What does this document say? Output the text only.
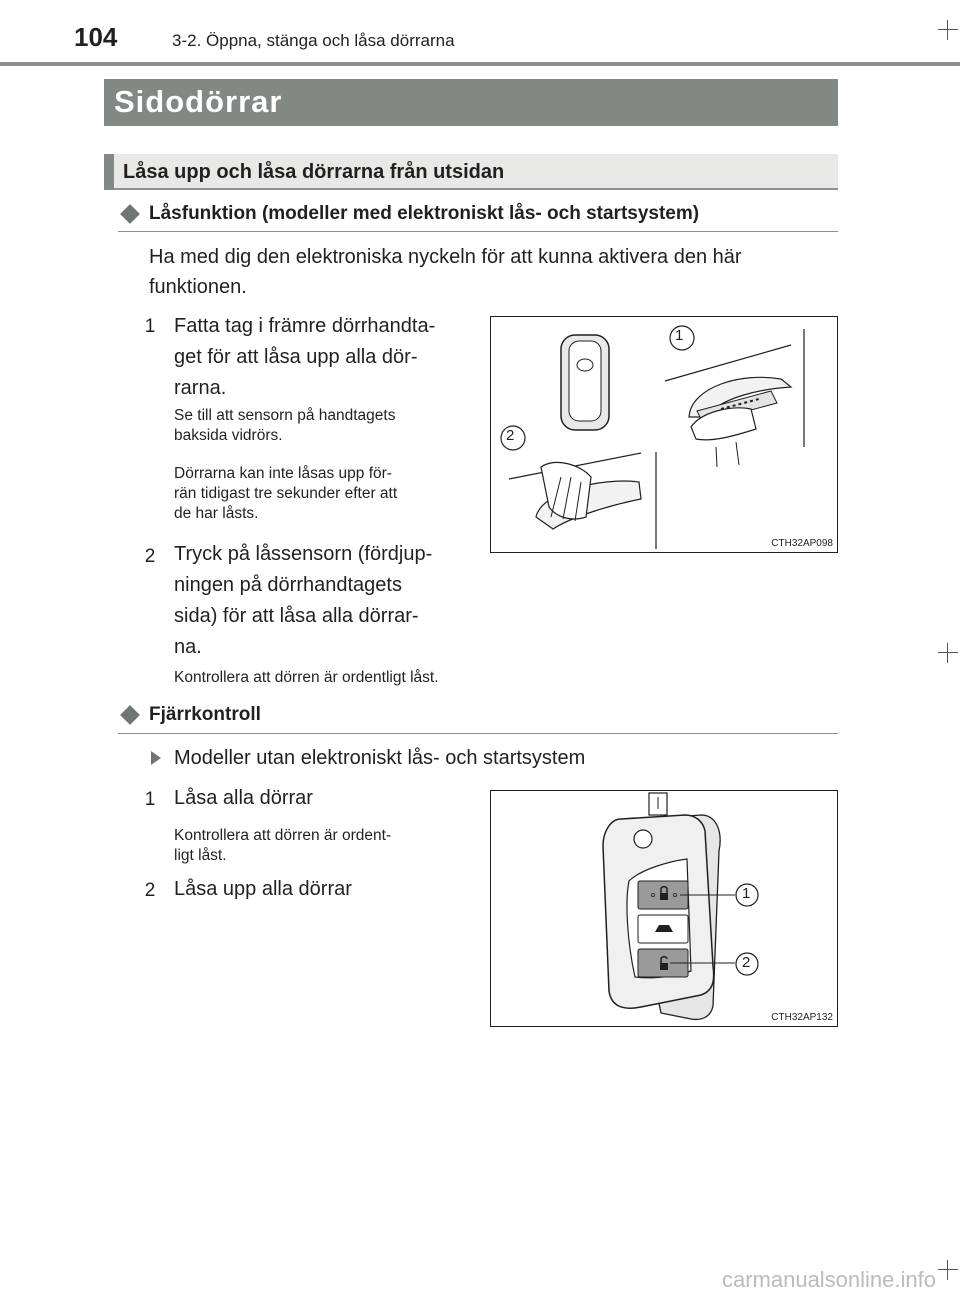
104	3-2. Öppna, stänga och låsa dörrarna
Sidodörrar
Låsa upp och låsa dörrarna från utsidan
Låsfunktion (modeller med elektroniskt lås- och startsystem)
Ha med dig den elektroniska nyckeln för att kunna aktivera den här
funktionen.
1 Fatta tag i främre dörrhandta-
get för att låsa upp alla dör-
rarna.
Se till att sensorn på handtagets
baksida vidrörs.
Dörrarna kan inte låsas upp för-
rän tidigast tre sekunder efter att
de har låsts.
2 Tryck på låssensorn (fördjup-
ningen på dörrhandtagets
sida) för att låsa alla dörrar-
na.
Kontrollera att dörren är ordentligt låst.
1
2
CTH32AP098
Fjärrkontroll
Modeller utan elektroniskt lås- och startsystem
1 Låsa alla dörrar
Kontrollera att dörren är ordent-
ligt låst.
2 Låsa upp alla dörrar	1
2
CTH32AP132
carmanualsonline.info
